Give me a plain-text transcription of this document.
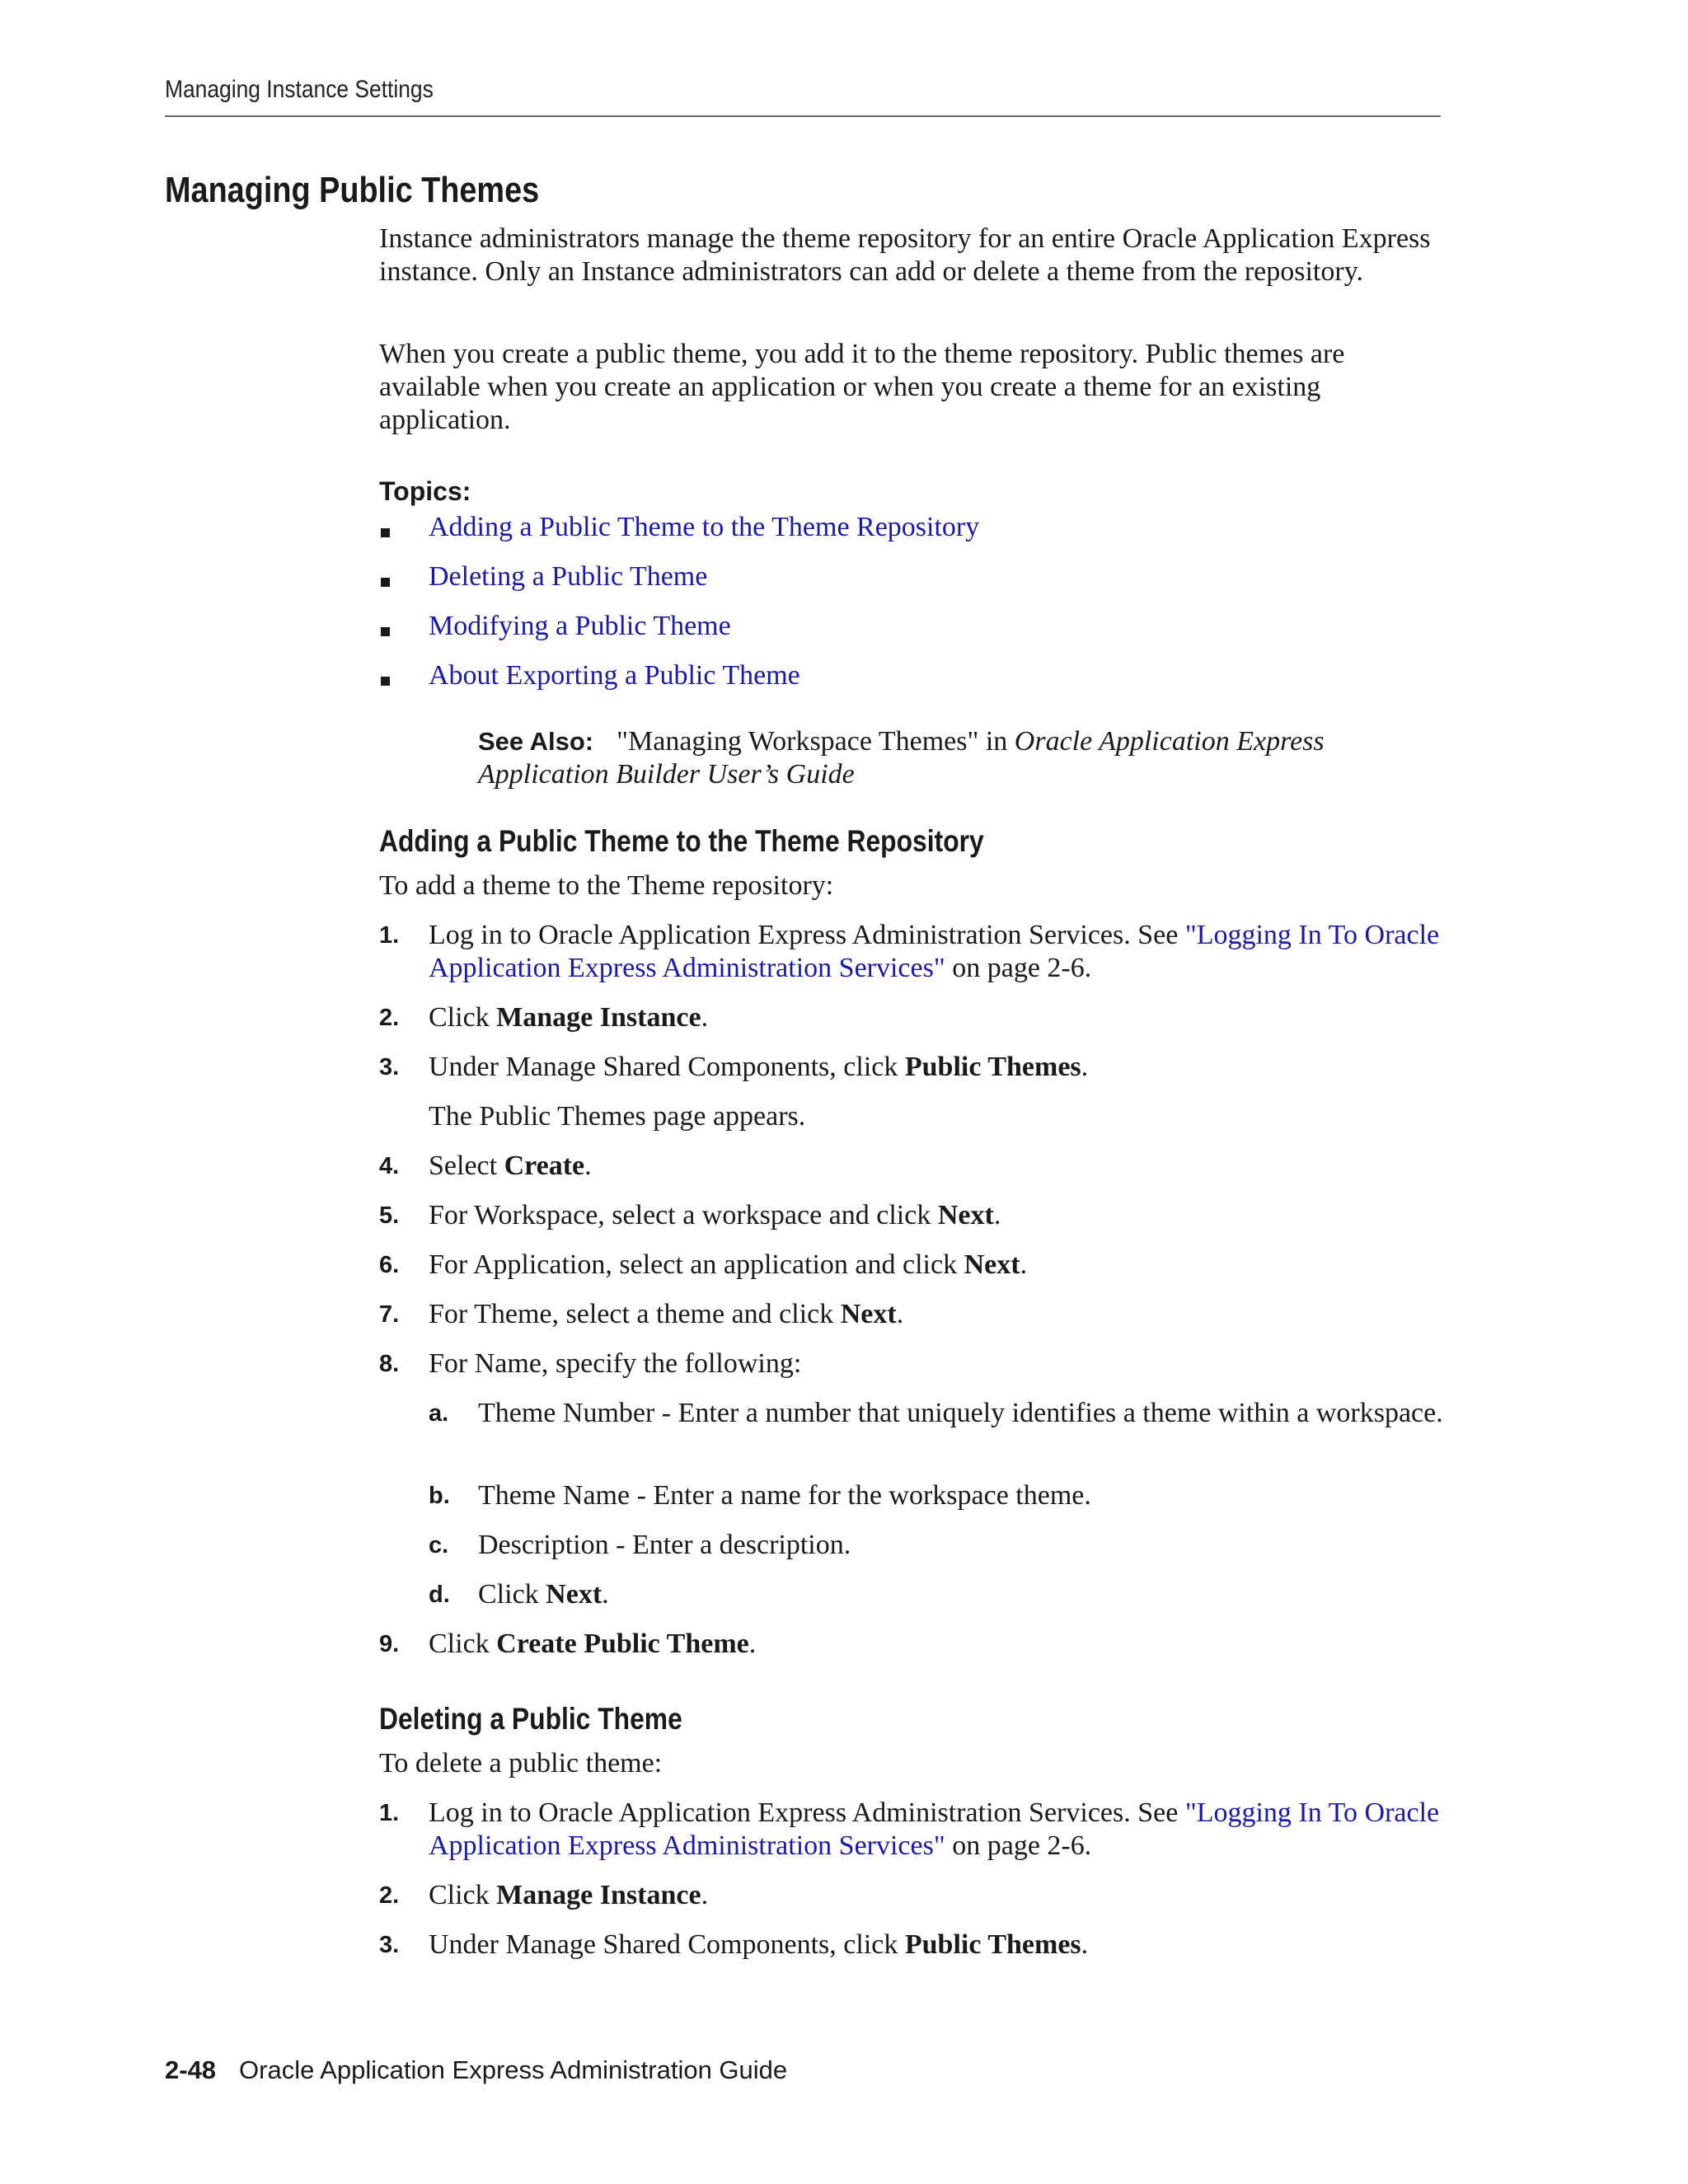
Managing Instance Settings
Managing Public Themes

Instance administrators manage the theme repository for an entire Oracle Application Express instance. Only an Instance administrators can add or delete a theme from the repository.

When you create a public theme, you add it to the theme repository. Public themes are available when you create an application or when you create a theme for an existing application.

Topics:
Adding a Public Theme to the Theme Repository
Deleting a Public Theme
Modifying a Public Theme
About Exporting a Public Theme
See Also: "Managing Workspace Themes" in Oracle Application Express Application Builder User’s Guide
Adding a Public Theme to the Theme Repository

To add a theme to the Theme repository:

1. Log in to Oracle Application Express Administration Services. See "Logging In To Oracle Application Express Administration Services" on page 2-6.
2. Click Manage Instance.
3. Under Manage Shared Components, click Public Themes.
The Public Themes page appears.
4. Select Create.
5. For Workspace, select a workspace and click Next.
6. For Application, select an application and click Next.
7. For Theme, select a theme and click Next.
8. For Name, specify the following:
a. Theme Number - Enter a number that uniquely identifies a theme within a workspace.
b. Theme Name - Enter a name for the workspace theme.
c. Description - Enter a description.
d. Click Next.
9. Click Create Public Theme.
Deleting a Public Theme

To delete a public theme:

1. Log in to Oracle Application Express Administration Services. See "Logging In To Oracle Application Express Administration Services" on page 2-6.
2. Click Manage Instance.
3. Under Manage Shared Components, click Public Themes.
2-48 Oracle Application Express Administration Guide
